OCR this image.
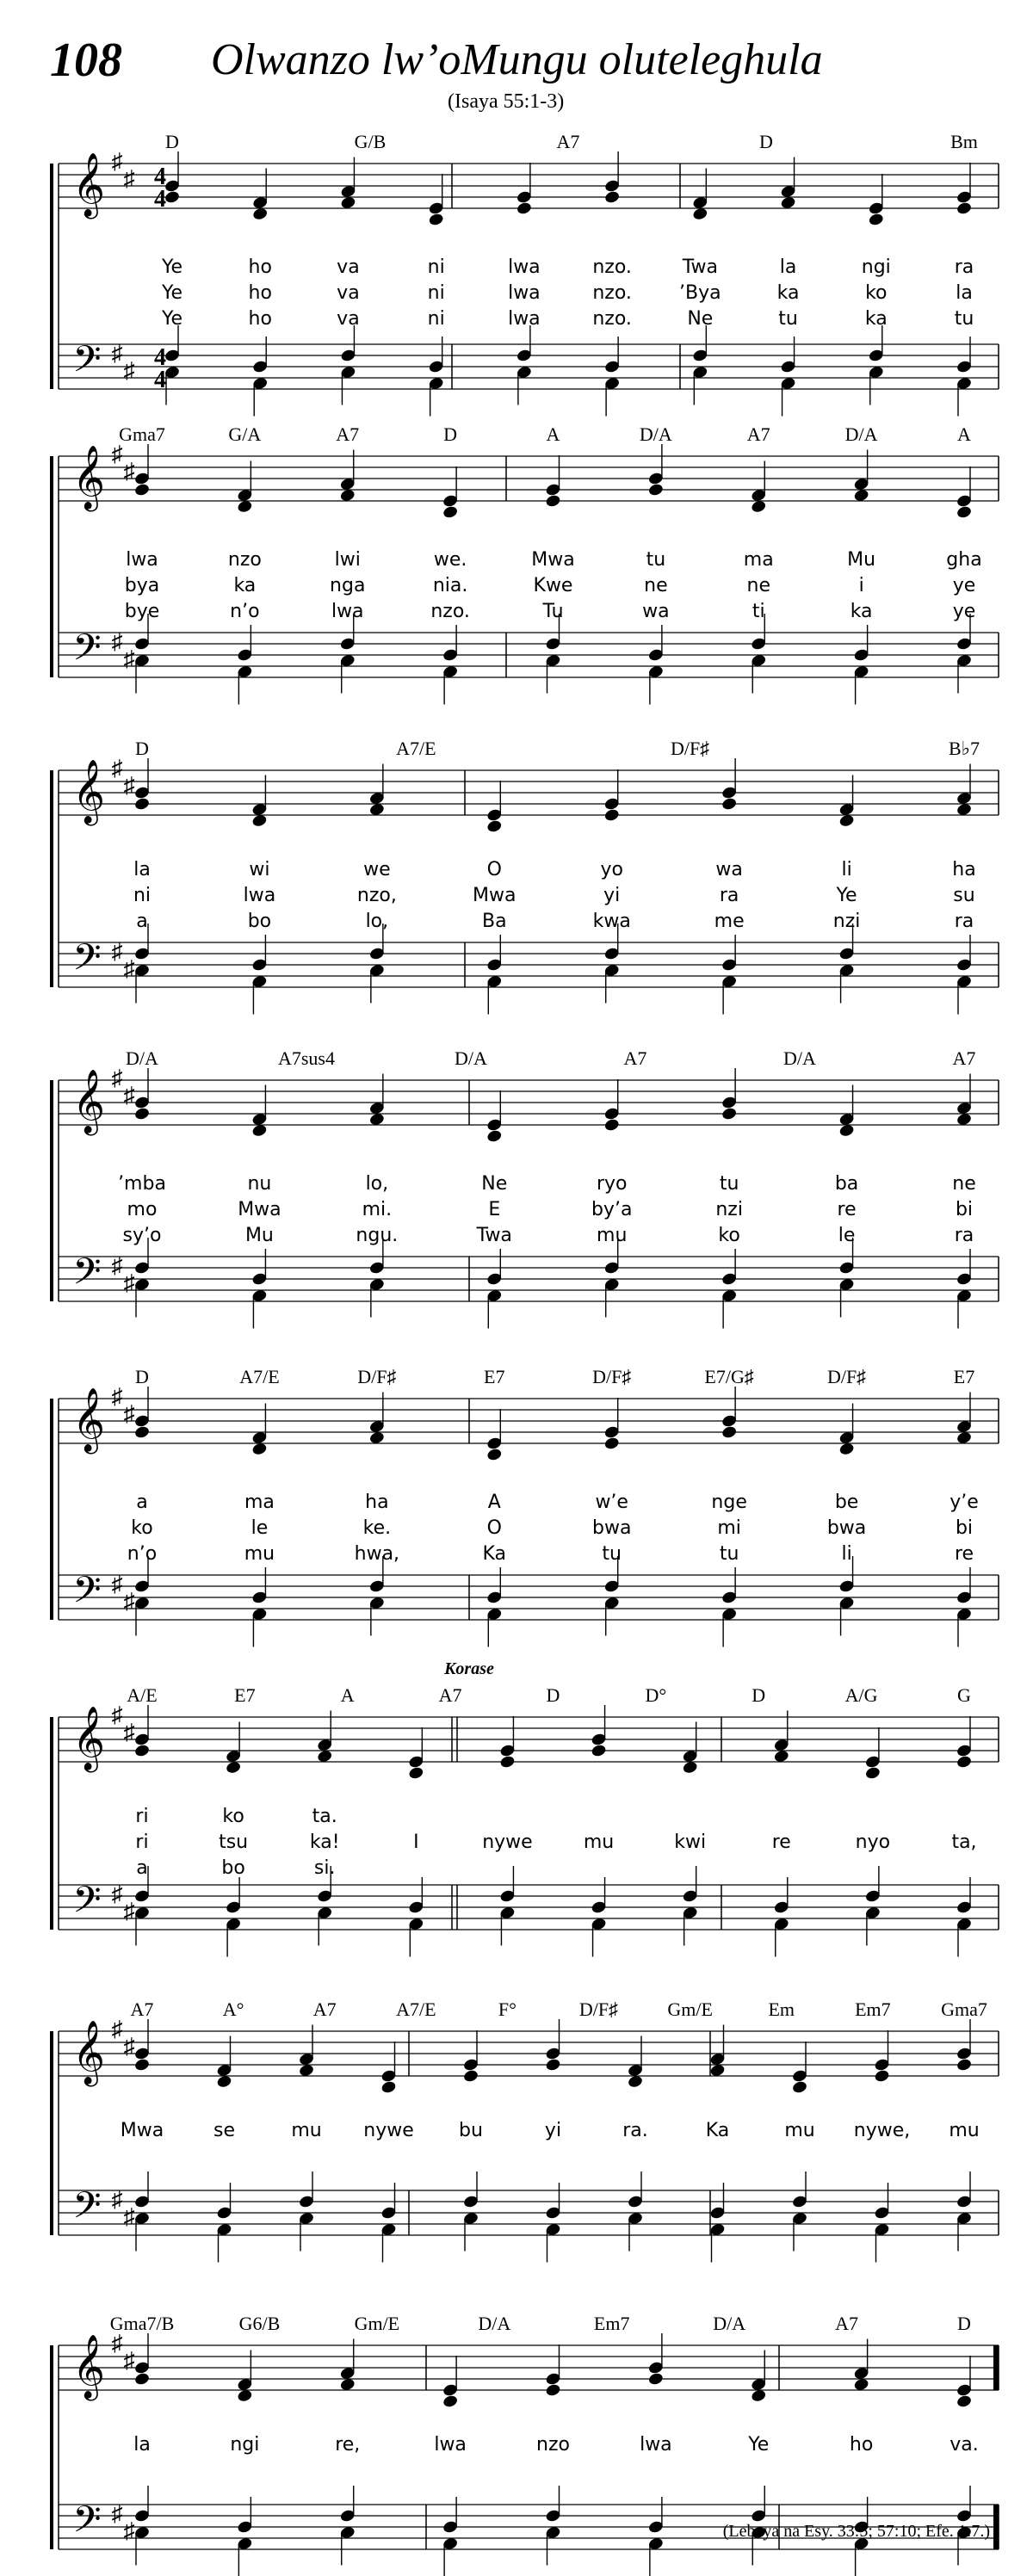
108 Olwanzo lw’oMungu oluteleghula
(Isaya 55:1-3)
𝄞
𝄢
♯
♯
♯
♯
4
4
4
4
D	G/B	A7	D	Bm
Ye	ho	va	ni	lwa	nzo.	Twa	la	ngi	ra
Ye	ho	va	ni	lwa	nzo.	’Bya	ka	ko	la
Ye	ho	va	ni	lwa	nzo.	Ne	tu	ka	tu
𝄞
𝄢
♯
♯
♯
♯
Gma7	G/A	A7	D	A	D/A	A7	D/A	A
lwa	nzo	lwi	we.	Mwa	tu	ma	Mu	gha
bya	ka	nga	nia.	Kwe	ne	ne	i	ye
bye	n’o	lwa	nzo.	Tu	wa	ti	ka	ye
𝄞
𝄢
♯
♯
♯
♯
D	A7/E	D/F♯	B♭7
la	wi	we	O	yo	wa	li	ha
ni	lwa	nzo,	Mwa	yi	ra	Ye	su
a	bo	lo,	Ba	kwa	me	nzi	ra
𝄞
𝄢
♯
♯
♯
♯
D/A	A7sus4	D/A	A7	D/A	A7
’mba	nu	lo,	Ne	ryo	tu	ba	ne
mo	Mwa	mi.	E	by’a	nzi	re	bi
sy’o	Mu	ngu.	Twa	mu	ko	le	ra
𝄞
𝄢
♯
♯
♯
♯
D	A7/E	D/F♯	E7	D/F♯	E7/G♯	D/F♯	E7
a	ma	ha	A	w’e	nge	be	y’e
ko	le	ke.	O	bwa	mi	bwa	bi
n’o	mu	hwa,	Ka	tu	tu	li	re
𝄞
𝄢
♯
♯
♯
♯
A/E	E7	A	A7	D	D°	D	A/G	G
Korase
ri	ko	ta.
ri	tsu	ka!	I	nywe	mu	kwi	re	nyo	ta,
a	bo	si.
𝄞
𝄢
♯
♯
♯
♯
A7	A°	A7	A7/E	F°	D/F♯	Gm/E	Em	Em7	Gma7
Mwa	se	mu nywe bu	yi	ra.	Ka	mu nywe, mu
𝄞
𝄢
♯
♯
♯
♯
Gma7/B	G6/B	Gm/E	D/A	Em7	D/A	A7	D
la	ngi	re,	lwa	nzo	lwa	Ye	ho	va.
(Lebaya na Esy. 33:5; 57:10; Efe. 1:7.)
